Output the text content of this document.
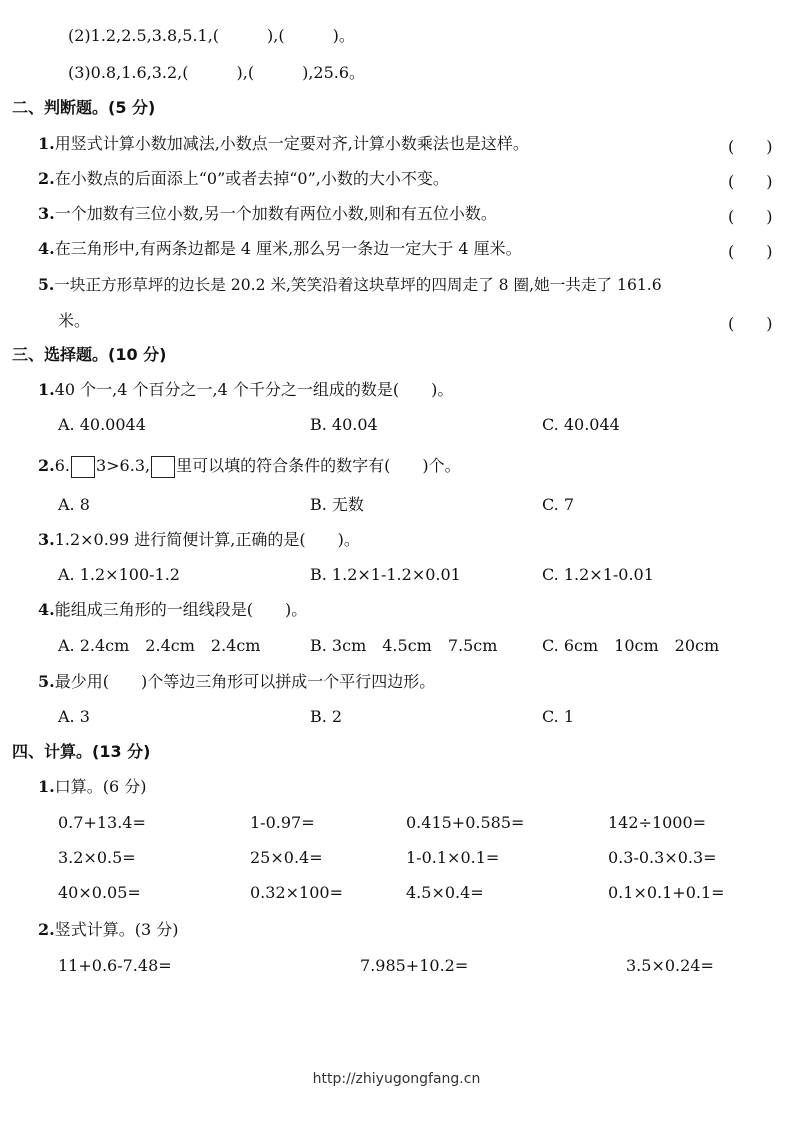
(2)1.2,2.5,3.8,5.1,(　　　),(　　　)。
(3)0.8,1.6,3.2,(　　　),(　　　),25.6。
二、判断题。(5 分)
1.用竖式计算小数加减法,小数点一定要对齐,计算小数乘法也是这样。	(　　)
2.在小数点的后面添上“0”或者去掉“0”,小数的大小不变。	(　　)
3.一个加数有三位小数,另一个加数有两位小数,则和有五位小数。	(　　)
4.在三角形中,有两条边都是 4 厘米,那么另一条边一定大于 4 厘米。	(　　)
5.一块正方形草坪的边长是 20.2 米,笑笑沿着这块草坪的四周走了 8 圈,她一共走了 161.6
米。	(　　)
三、选择题。(10 分)
1.40 个一,4 个百分之一,4 个千分之一组成的数是(　　)。
A. 40.0044	B. 40.04	C. 40.044
2.6. 3>6.3, 里可以填的符合条件的数字有(　　)个。
A. 8	B. 无数	C. 7
3.1.2×0.99 进行简便计算,正确的是(　　)。
A. 1.2×100-1.2	B. 1.2×1-1.2×0.01	C. 1.2×1-0.01
4.能组成三角形的一组线段是(　　)。
A. 2.4cm　2.4cm　2.4cm	B. 3cm　4.5cm　7.5cm	C. 6cm　10cm　20cm
5.最少用(　　)个等边三角形可以拼成一个平行四边形。
A. 3	B. 2	C. 1
四、计算。(13 分)
1.口算。(6 分)
0.7+13.4=	1-0.97=	0.415+0.585=	142÷1000=
3.2×0.5=	25×0.4=	1-0.1×0.1=	0.3-0.3×0.3=
40×0.05=	0.32×100=	4.5×0.4=	0.1×0.1+0.1=
2.竖式计算。(3 分)
11+0.6-7.48=	7.985+10.2=	3.5×0.24=
http://zhiyugongfang.cn
